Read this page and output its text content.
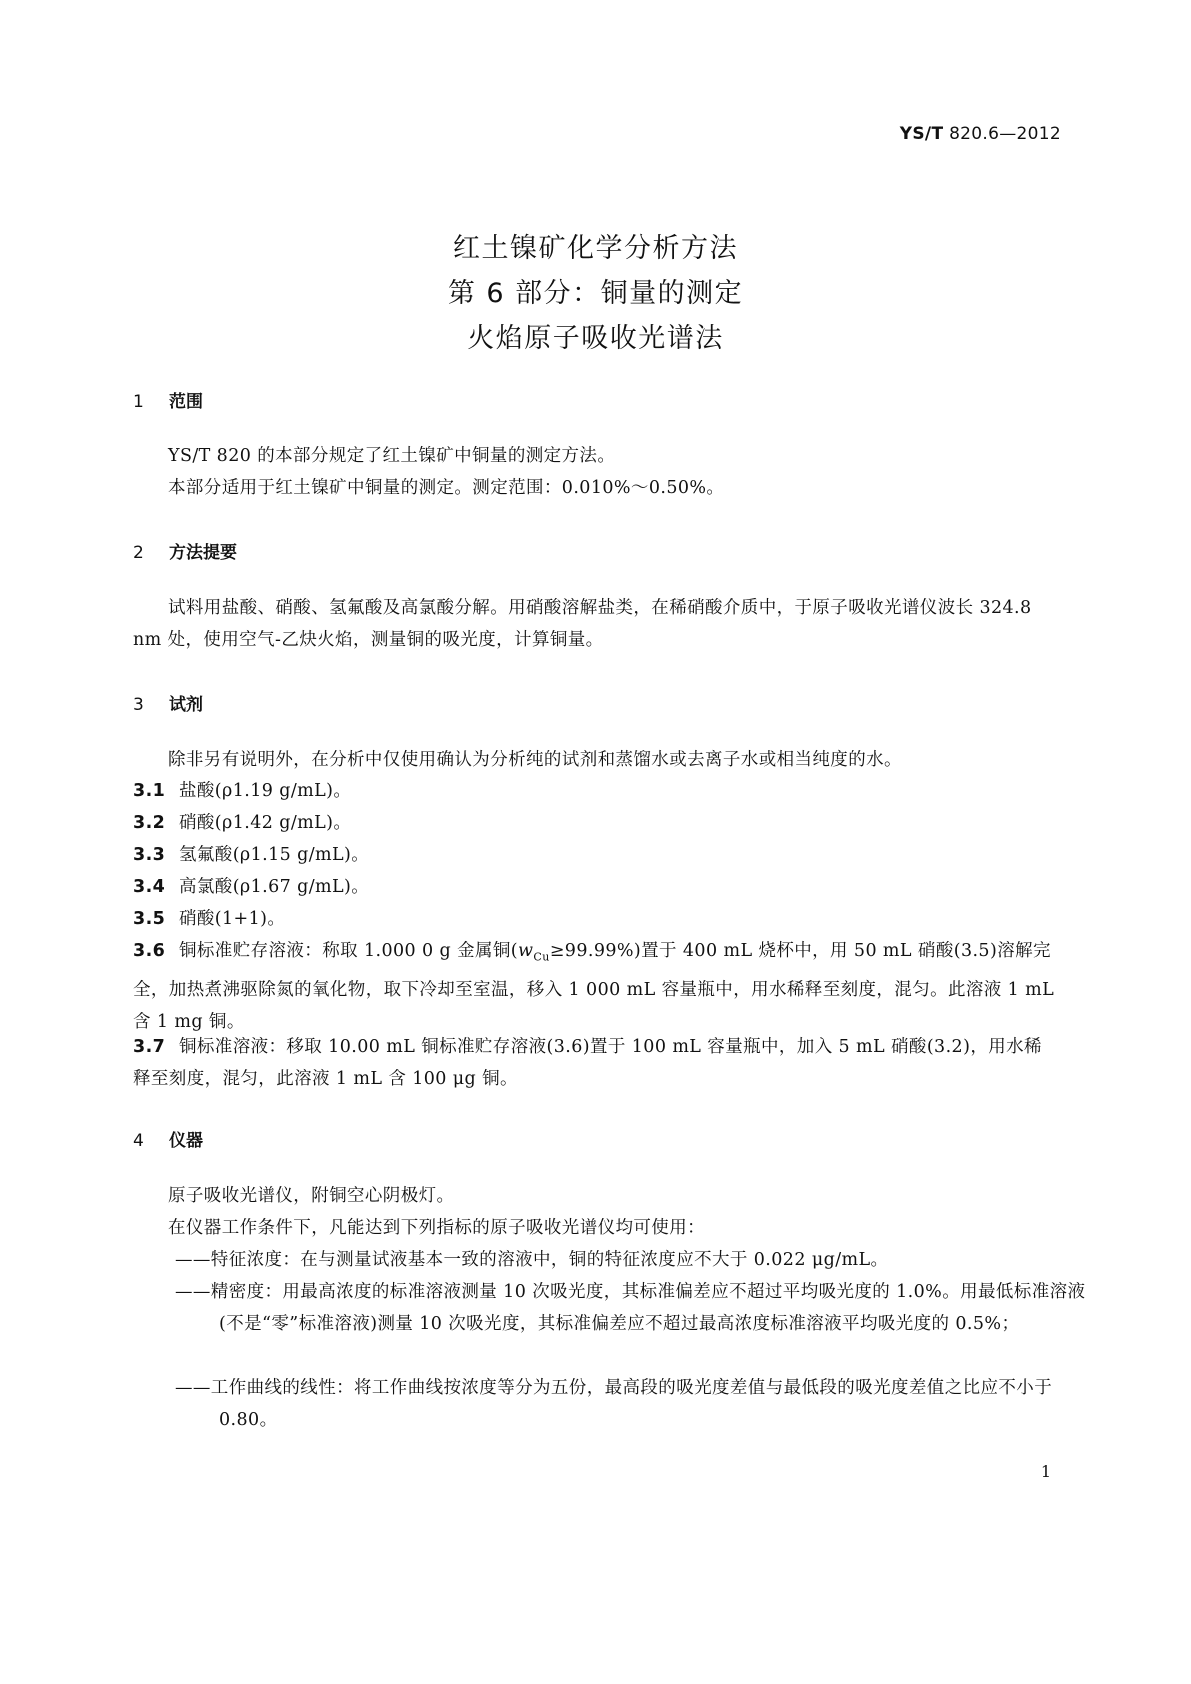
YS/T 820.6—2012
红土镍矿化学分析方法
第 6 部分：铜量的测定
火焰原子吸收光谱法
1 范围
YS/T 820 的本部分规定了红土镍矿中铜量的测定方法。
本部分适用于红土镍矿中铜量的测定。测定范围：0.010%～0.50%。
2 方法提要
试料用盐酸、硝酸、氢氟酸及高氯酸分解。用硝酸溶解盐类，在稀硝酸介质中，于原子吸收光谱仪波长 324.8 nm 处，使用空气-乙炔火焰，测量铜的吸光度，计算铜量。
3 试剂
除非另有说明外，在分析中仅使用确认为分析纯的试剂和蒸馏水或去离子水或相当纯度的水。
3.1 盐酸(ρ1.19 g/mL)。
3.2 硝酸(ρ1.42 g/mL)。
3.3 氢氟酸(ρ1.15 g/mL)。
3.4 高氯酸(ρ1.67 g/mL)。
3.5 硝酸(1+1)。
3.6 铜标准贮存溶液：称取 1.000 0 g 金属铜$(w_{Cu}\ge 99.99\%)$置于 400 mL 烧杯中，用 50 mL 硝酸(3.5)溶解完全，加热煮沸驱除氮的氧化物，取下冷却至室温，移入 1 000 mL 容量瓶中，用水稀释至刻度，混匀。此溶液 1 mL 含 1 mg 铜。
3.7 铜标准溶液：移取 10.00 mL 铜标准贮存溶液(3.6)置于 100 mL 容量瓶中，加入 5 mL 硝酸(3.2)，用水稀释至刻度，混匀，此溶液 1 mL 含 100 μg 铜。
4 仪器
原子吸收光谱仪，附铜空心阴极灯。
在仪器工作条件下，凡能达到下列指标的原子吸收光谱仪均可使用：
——特征浓度：在与测量试液基本一致的溶液中，铜的特征浓度应不大于 0.022 μg/mL。
——精密度：用最高浓度的标准溶液测量 10 次吸光度，其标准偏差应不超过平均吸光度的 1.0%。用最低标准溶液(不是“零”标准溶液)测量 10 次吸光度，其标准偏差应不超过最高浓度标准溶液平均吸光度的 0.5%；
——工作曲线的线性：将工作曲线按浓度等分为五份，最高段的吸光度差值与最低段的吸光度差值之比应不小于 0.80。
1
